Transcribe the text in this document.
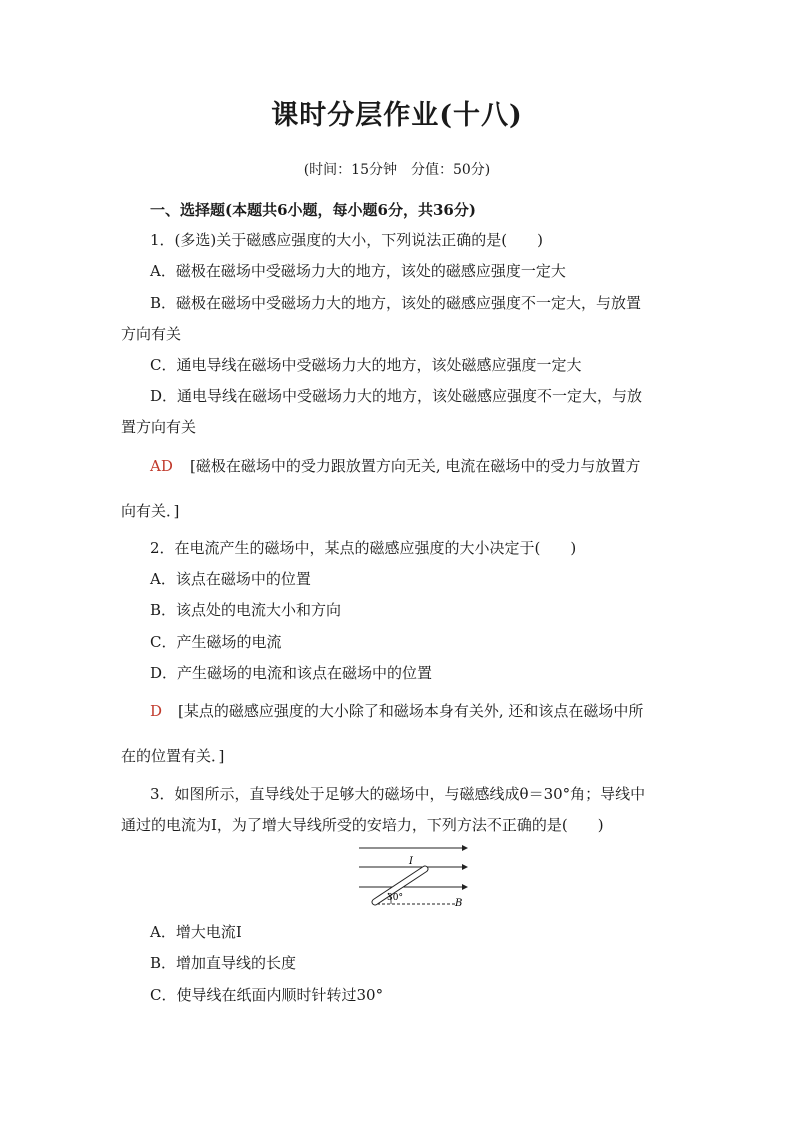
课时分层作业(十八)
(时间：15分钟　分值：50分)
一、选择题(本题共6小题，每小题6分，共36分)
1．(多选)关于磁感应强度的大小，下列说法正确的是(　　)
A．磁极在磁场中受磁场力大的地方，该处的磁感应强度一定大
B．磁极在磁场中受磁场力大的地方，该处的磁感应强度不一定大，与放置
方向有关
C．通电导线在磁场中受磁场力大的地方，该处磁感应强度一定大
D．通电导线在磁场中受磁场力大的地方，该处磁感应强度不一定大，与放
置方向有关
AD [磁极在磁场中的受力跟放置方向无关, 电流在磁场中的受力与放置方
向有关．]
2．在电流产生的磁场中，某点的磁感应强度的大小决定于(　　)
A．该点在磁场中的位置
B．该点处的电流大小和方向
C．产生磁场的电流
D．产生磁场的电流和该点在磁场中的位置
D [某点的磁感应强度的大小除了和磁场本身有关外, 还和该点在磁场中所
在的位置有关．]
3．如图所示，直导线处于足够大的磁场中，与磁感线成θ＝30°角；导线中
通过的电流为I，为了增大导线所受的安培力，下列方法不正确的是(　　)
I
30°	B
A．增大电流I
B．增加直导线的长度
C．使导线在纸面内顺时针转过30°
